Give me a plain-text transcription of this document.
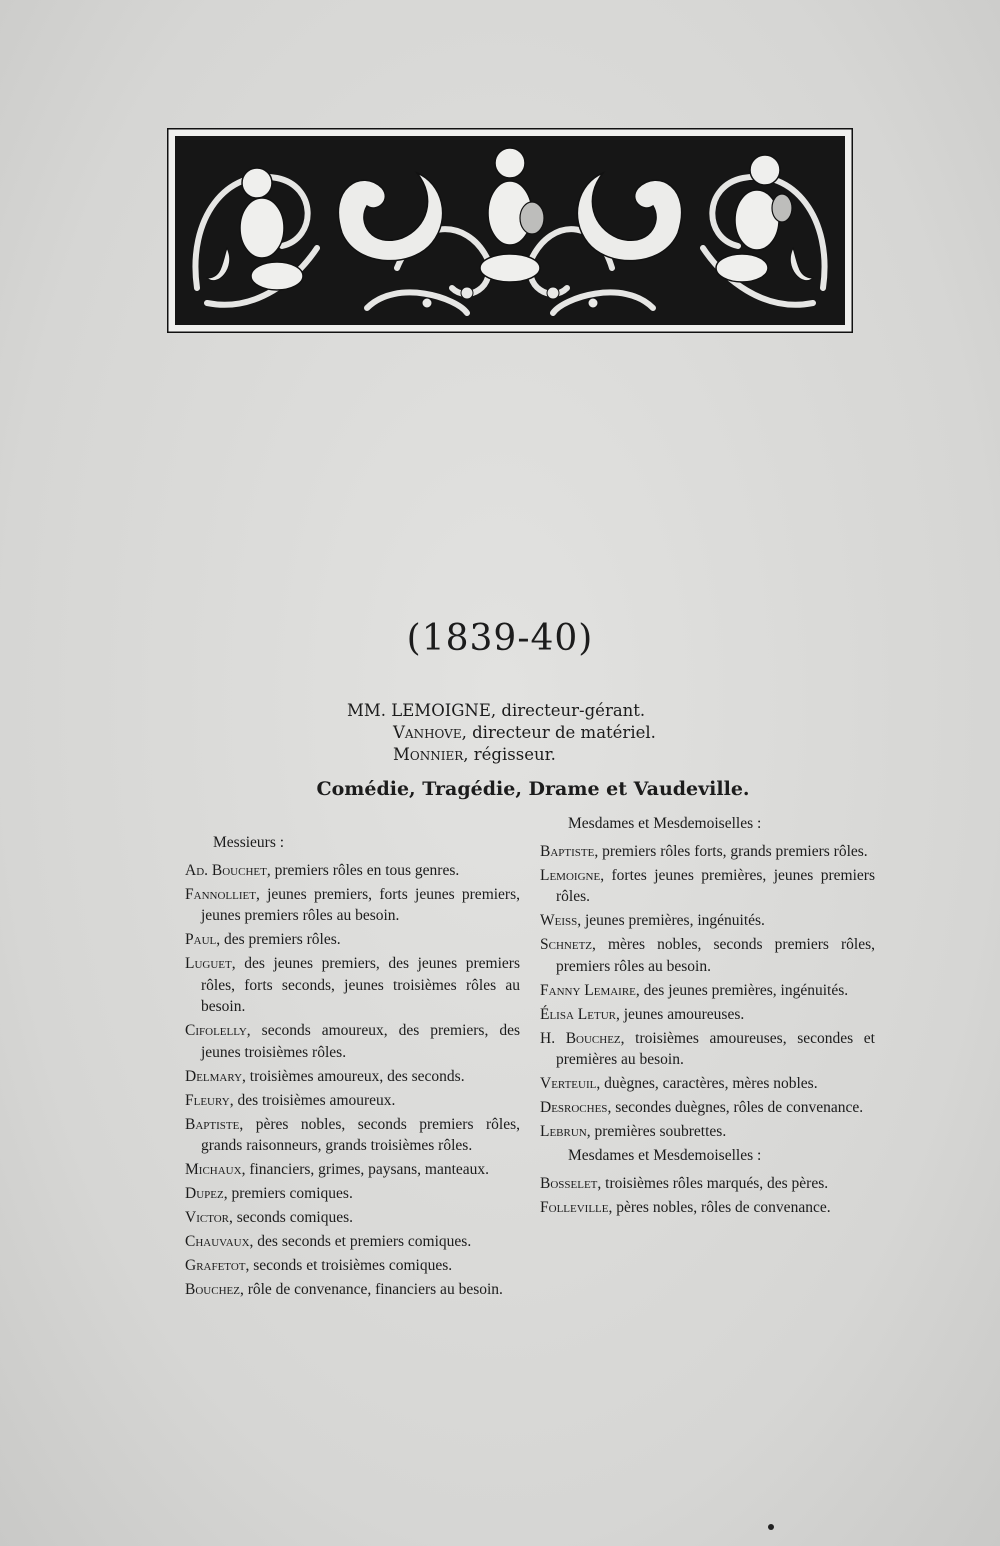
(1839-40)
MM. LEMOIGNE, directeur-gérant.
Vanhove, directeur de matériel.
Monnier, régisseur.
Comédie, Tragédie, Drame et Vaudeville.
Messieurs :
Ad. Bouchet, premiers rôles en tous genres.
Fannolliet, jeunes premiers, forts jeunes premiers, jeunes premiers rôles au besoin.
Paul, des premiers rôles.
Luguet, des jeunes premiers, des jeunes premiers rôles, forts seconds, jeunes troisièmes rôles au besoin.
Cifolelly, seconds amoureux, des premiers, des jeunes troisièmes rôles.
Delmary, troisièmes amoureux, des seconds.
Fleury, des troisièmes amoureux.
Baptiste, pères nobles, seconds premiers rôles, grands raisonneurs, grands troisièmes rôles.
Michaux, financiers, grimes, paysans, manteaux.
Dupez, premiers comiques.
Victor, seconds comiques.
Chauvaux, des seconds et premiers comiques.
Grafetot, seconds et troisièmes comiques.
Bouchez, rôle de convenance, financiers au besoin.
Mesdames et Mesdemoiselles :
Baptiste, premiers rôles forts, grands premiers rôles.
Lemoigne, fortes jeunes premières, jeunes premiers rôles.
Weiss, jeunes premières, ingénuités.
Schnetz, mères nobles, seconds premiers rôles, premiers rôles au besoin.
Fanny Lemaire, des jeunes premières, ingénuités.
Élisa Letur, jeunes amoureuses.
H. Bouchez, troisièmes amoureuses, secondes et premières au besoin.
Verteuil, duègnes, caractères, mères nobles.
Desroches, secondes duègnes, rôles de convenance.
Lebrun, premières soubrettes.
Mesdames et Mesdemoiselles :
Bosselet, troisièmes rôles marqués, des pères.
Folleville, pères nobles, rôles de convenance.
